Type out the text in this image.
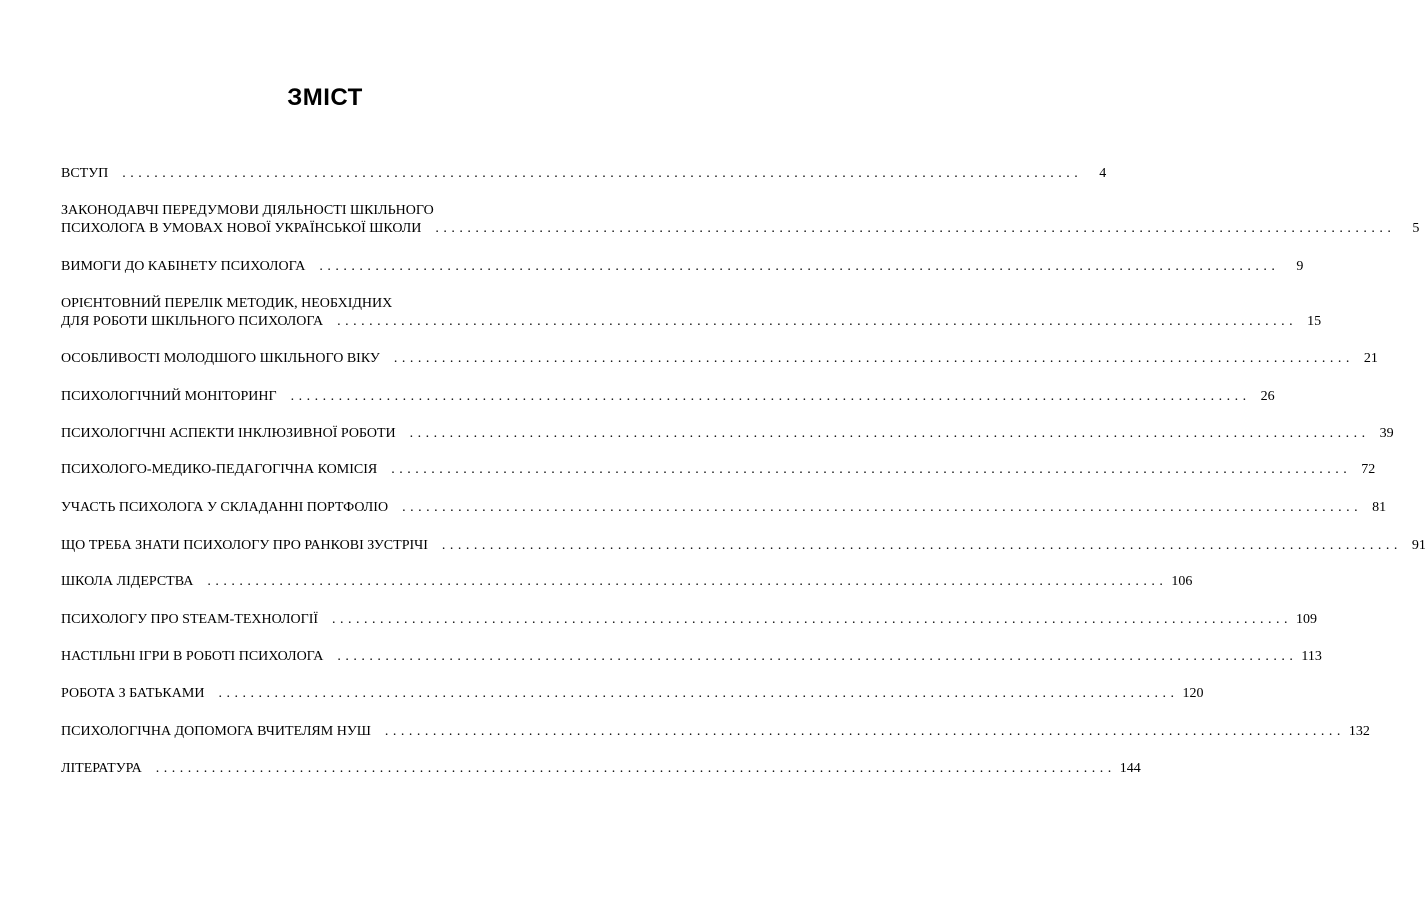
ЗМІСТ
ВСТУП ........................................................................................................................	4
ЗАКОНОДАВЧІ ПЕРЕДУМОВИ ДІЯЛЬНОСТІ ШКІЛЬНОГО
ПСИХОЛОГА В УМОВАХ НОВОЇ УКРАЇНСЬКОЇ ШКОЛИ ........................................................................................................................	5
ВИМОГИ ДО КАБІНЕТУ ПСИХОЛОГА ........................................................................................................................	9
ОРІЄНТОВНИЙ ПЕРЕЛІК МЕТОДИК, НЕОБХІДНИХ
ДЛЯ РОБОТИ ШКІЛЬНОГО ПСИХОЛОГА ........................................................................................................................ 15
ОСОБЛИВОСТІ МОЛОДШОГО ШКІЛЬНОГО ВІКУ ........................................................................................................................ 21
ПСИХОЛОГІЧНИЙ МОНІТОРИНГ ........................................................................................................................ 26
ПСИХОЛОГІЧНІ АСПЕКТИ ІНКЛЮЗИВНОЇ РОБОТИ ........................................................................................................................ 39
ПСИХОЛОГО-МЕДИКО-ПЕДАГОГІЧНА КОМІСІЯ ........................................................................................................................ 72
УЧАСТЬ ПСИХОЛОГА У СКЛАДАННІ ПОРТФОЛІО ........................................................................................................................ 81
ЩО ТРЕБА ЗНАТИ ПСИХОЛОГУ ПРО РАНКОВІ ЗУСТРІЧІ ........................................................................................................................ 91
ШКОЛА ЛІДЕРСТВА ........................................................................................................................ 106
ПСИХОЛОГУ ПРО STEAM-ТЕХНОЛОГІЇ ........................................................................................................................ 109
НАСТІЛЬНІ ІГРИ В РОБОТІ ПСИХОЛОГА ........................................................................................................................ 113
РОБОТА З БАТЬКАМИ ........................................................................................................................ 120
ПСИХОЛОГІЧНА ДОПОМОГА ВЧИТЕЛЯМ НУШ ........................................................................................................................ 132
ЛІТЕРАТУРА ........................................................................................................................ 144
